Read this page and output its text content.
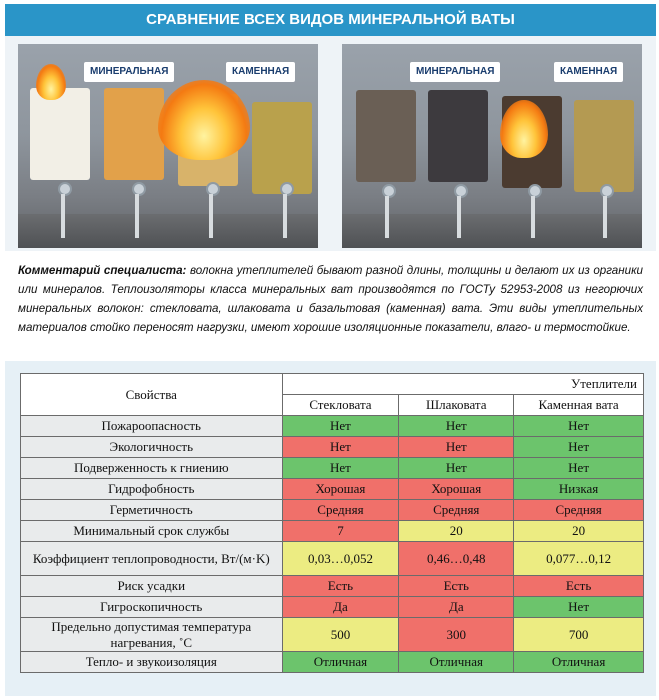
СРАВНЕНИЕ ВСЕХ ВИДОВ МИНЕРАЛЬНОЙ ВАТЫ
МИНЕРАЛЬНАЯ	КАМЕННАЯ	МИНЕРАЛЬНАЯ	КАМЕННАЯ

Комментарий специалиста: волокна утеплителей бывают разной длины, толщины и делают их из органики или минералов. Теплоизоляторы класса минеральных ват производятся по ГОСТу 52953-2008 из негорючих минеральных волокон: стекловата, шлаковата и базальтовая (каменная) вата. Эти виды утеплительных материалов стойко переносят нагрузки, имеют хорошие изоляционные показатели, влаго- и термостойкие.

Свойства	Утеплители		
	Стекловата	Шлаковата	Каменная вата
Пожароопасность	Нет	Нет	Нет
Экологичность	Нет	Нет	Нет
Подверженность к гниению	Нет	Нет	Нет
Гидрофобность	Хорошая	Хорошая	Низкая
Герметичность	Средняя	Средняя	Средняя
Минимальный срок службы	7	20	20
Коэффициент теплопроводности, Вт/(м·K)	0,03…0,052	0,46…0,48	0,077…0,12
Риск усадки	Есть	Есть	Есть
Гигроскопичность	Да	Да	Нет
Предельно допустимая температура нагревания, ˚С	500	300	700
Тепло- и звукоизоляция	Отличная	Отличная	Отличная
